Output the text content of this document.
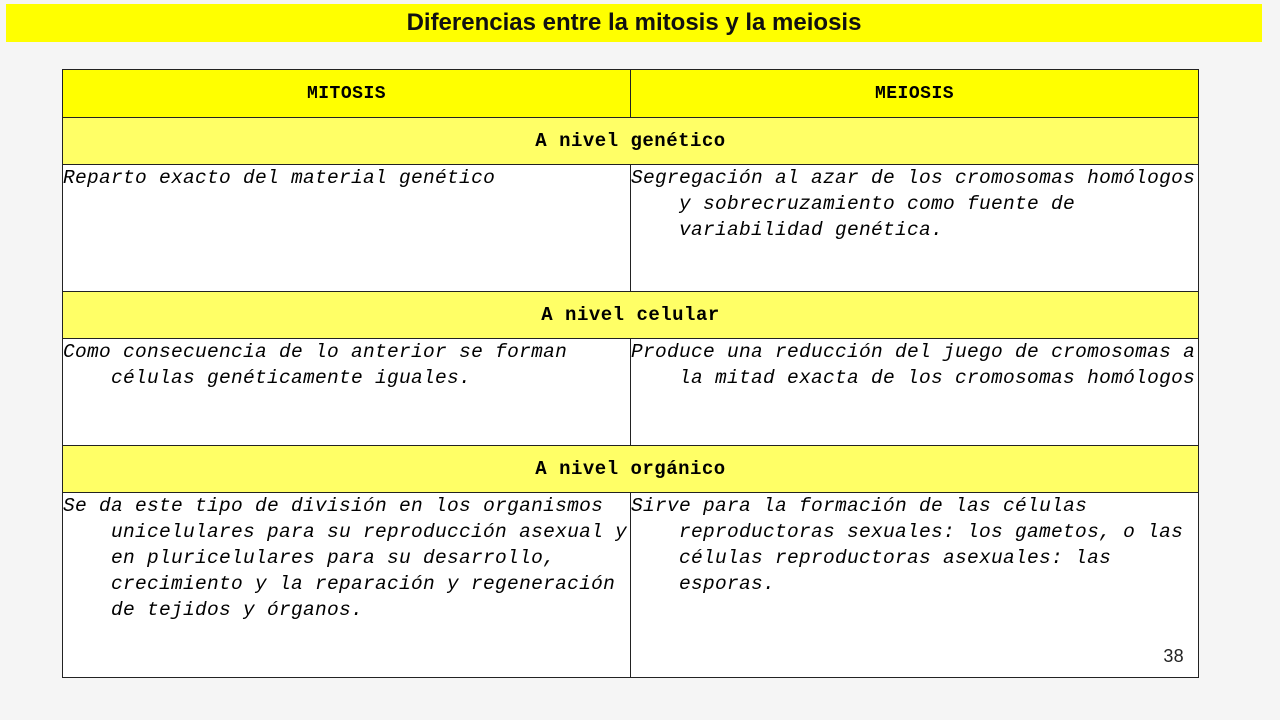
Diferencias entre la mitosis y la meiosis
MITOSIS	MEIOSIS
A nivel genético	

Reparto exacto del material genético	Segregación al azar de los cromosomas homólogos y sobrecruzamiento como fuente de variabilidad genética.

A nivel celular	

Como consecuencia de lo anterior se forman células genéticamente iguales.	Produce una reducción del juego de cromosomas a la mitad exacta de los cromosomas homólogos

A nivel orgánico	

Se da este tipo de división en los organismos unicelulares para su reproducción asexual y en pluricelulares para su desarrollo, crecimiento y la reparación y regeneración de tejidos y órganos.	Sirve para la formación de las células reproductoras sexuales: los gametos, o las células reproductoras asexuales: las esporas.
38
